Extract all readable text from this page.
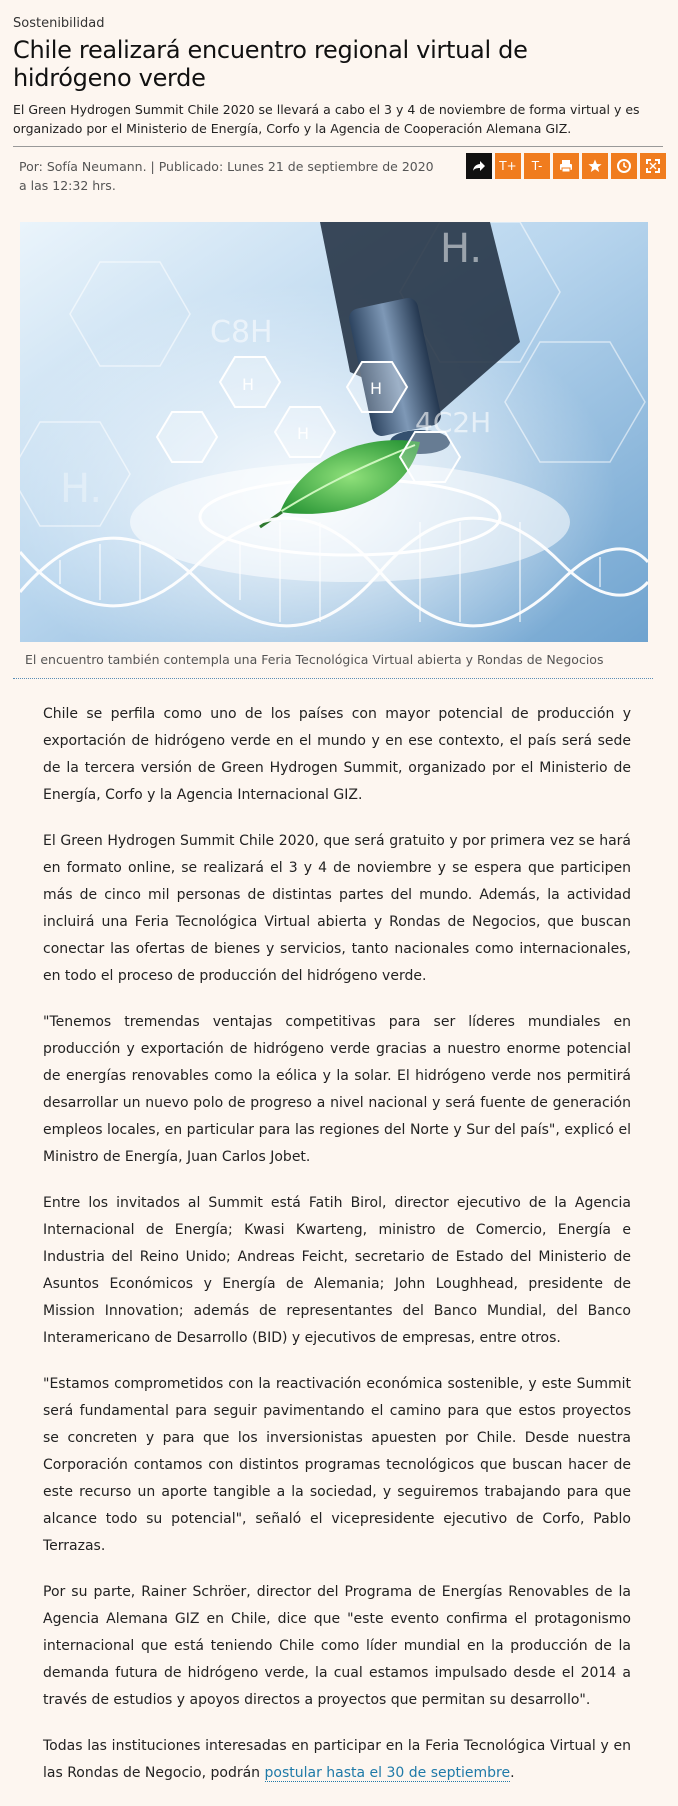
Sostenibilidad
Chile realizará encuentro regional virtual de hidrógeno verde

El Green Hydrogen Summit Chile 2020 se llevará a cabo el 3 y 4 de noviembre de forma virtual y es organizado por el Ministerio de Energía, Corfo y la Agencia de Cooperación Alemana GIZ.

Por: Sofía Neumann. | Publicado: Lunes 21 de septiembre de 2020 a las 12:32 hrs.

T+	T-
H.
C8H
H	H
H	4C2H
H.

El encuentro también contempla una Feria Tecnológica Virtual abierta y Rondas de Negocios

Chile se perfila como uno de los países con mayor potencial de producción y exportación de hidrógeno verde en el mundo y en ese contexto, el país será sede de la tercera versión de Green Hydrogen Summit, organizado por el Ministerio de Energía, Corfo y la Agencia Internacional GIZ.

El Green Hydrogen Summit Chile 2020, que será gratuito y por primera vez se hará en formato online, se realizará el 3 y 4 de noviembre y se espera que participen más de cinco mil personas de distintas partes del mundo. Además, la actividad incluirá una Feria Tecnológica Virtual abierta y Rondas de Negocios, que buscan conectar las ofertas de bienes y servicios, tanto nacionales como internacionales, en todo el proceso de producción del hidrógeno verde.

"Tenemos tremendas ventajas competitivas para ser líderes mundiales en producción y exportación de hidrógeno verde gracias a nuestro enorme potencial de energías renovables como la eólica y la solar. El hidrógeno verde nos permitirá desarrollar un nuevo polo de progreso a nivel nacional y será fuente de generación empleos locales, en particular para las regiones del Norte y Sur del país", explicó el Ministro de Energía, Juan Carlos Jobet.

Entre los invitados al Summit está Fatih Birol, director ejecutivo de la Agencia Internacional de Energía; Kwasi Kwarteng, ministro de Comercio, Energía e Industria del Reino Unido; Andreas Feicht, secretario de Estado del Ministerio de Asuntos Económicos y Energía de Alemania; John Loughhead, presidente de Mission Innovation; además de representantes del Banco Mundial, del Banco Interamericano de Desarrollo (BID) y ejecutivos de empresas, entre otros.

"Estamos comprometidos con la reactivación económica sostenible, y este Summit será fundamental para seguir pavimentando el camino para que estos proyectos se concreten y para que los inversionistas apuesten por Chile. Desde nuestra Corporación contamos con distintos programas tecnológicos que buscan hacer de este recurso un aporte tangible a la sociedad, y seguiremos trabajando para que alcance todo su potencial", señaló el vicepresidente ejecutivo de Corfo, Pablo Terrazas.

Por su parte, Rainer Schröer, director del Programa de Energías Renovables de la Agencia Alemana GIZ en Chile, dice que "este evento confirma el protagonismo internacional que está teniendo Chile como líder mundial en la producción de la demanda futura de hidrógeno verde, la cual estamos impulsado desde el 2014 a través de estudios y apoyos directos a proyectos que permitan su desarrollo".

Todas las instituciones interesadas en participar en la Feria Tecnológica Virtual y en las Rondas de Negocio, podrán postular hasta el 30 de septiembre.
